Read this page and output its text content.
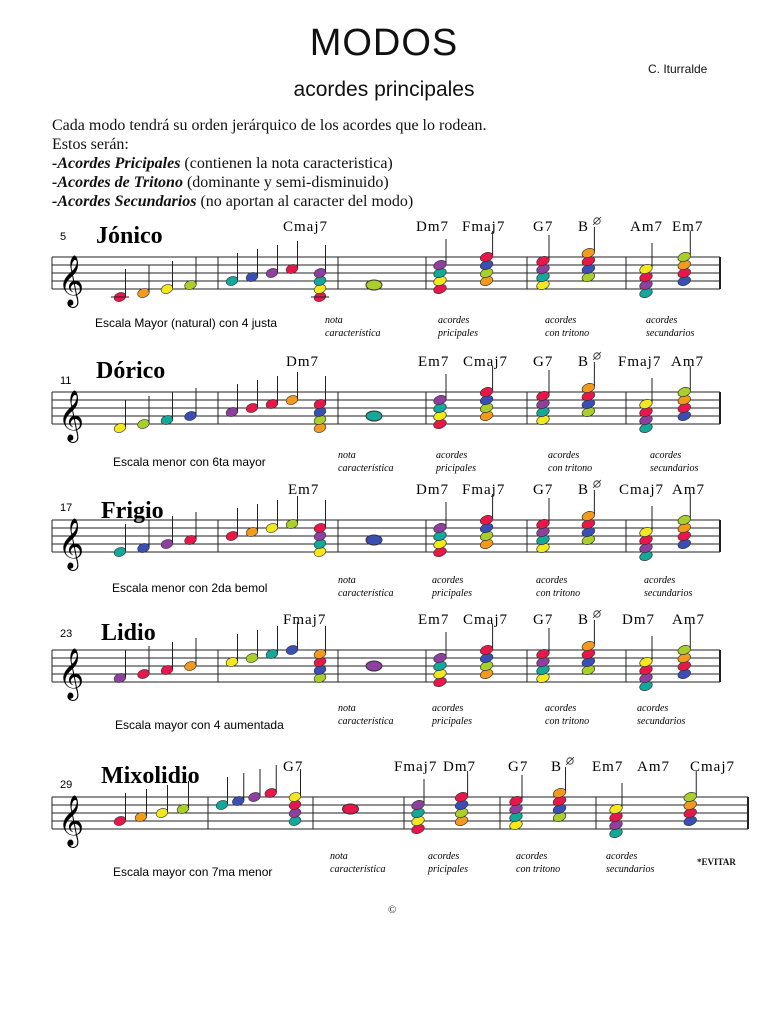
MODOS
acordes principales
C. Iturralde
Cada modo tendrá su orden jerárquico de los acordes que lo rodean.
Estos serán:
-Acordes Pricipales (contienen la nota caracteristica)
-Acordes de Tritono (dominante y semi-disminuido)
-Acordes Secundarios (no aportan al caracter del modo)
𝄞
5 Jónico	Cmaj7	Dm7 Fmaj7 G7 B	Am7 Em7
Escala Mayor (natural) con 4 justa	nota
característica
acordes
pricipales
acordes
con tritono
acordes
secundarios
𝄞
11 Dórico	Dm7	Em7 Cmaj7 G7 B Fmaj7 Am7
Escala menor con 6ta mayor	nota
característica
acordes
pricipales
acordes
con tritono
acordes
secundarios
𝄞
17 Frigio
Em7	Dm7 Fmaj7 G7 B Cmaj7 Am7
Escala menor con 2da bemol
nota
característica
acordes
pricipales
acordes
con tritono
acordes
secundarios
𝄞
23 Lidio	Fmaj7	Em7 Cmaj7 G7 B Dm7 Am7
Escala mayor con 4 aumentada
nota
característica
acordes
pricipales
acordes
con tritono
acordes
secundarios
𝄞
29 Mixolidio	G7	Fmaj7 Dm7 G7 B Em7 Am7 Cmaj7
Escala mayor con 7ma menor
nota
característica
acordes
pricipales
acordes
con tritono
acordes
secundarios
*EVITAR
©
